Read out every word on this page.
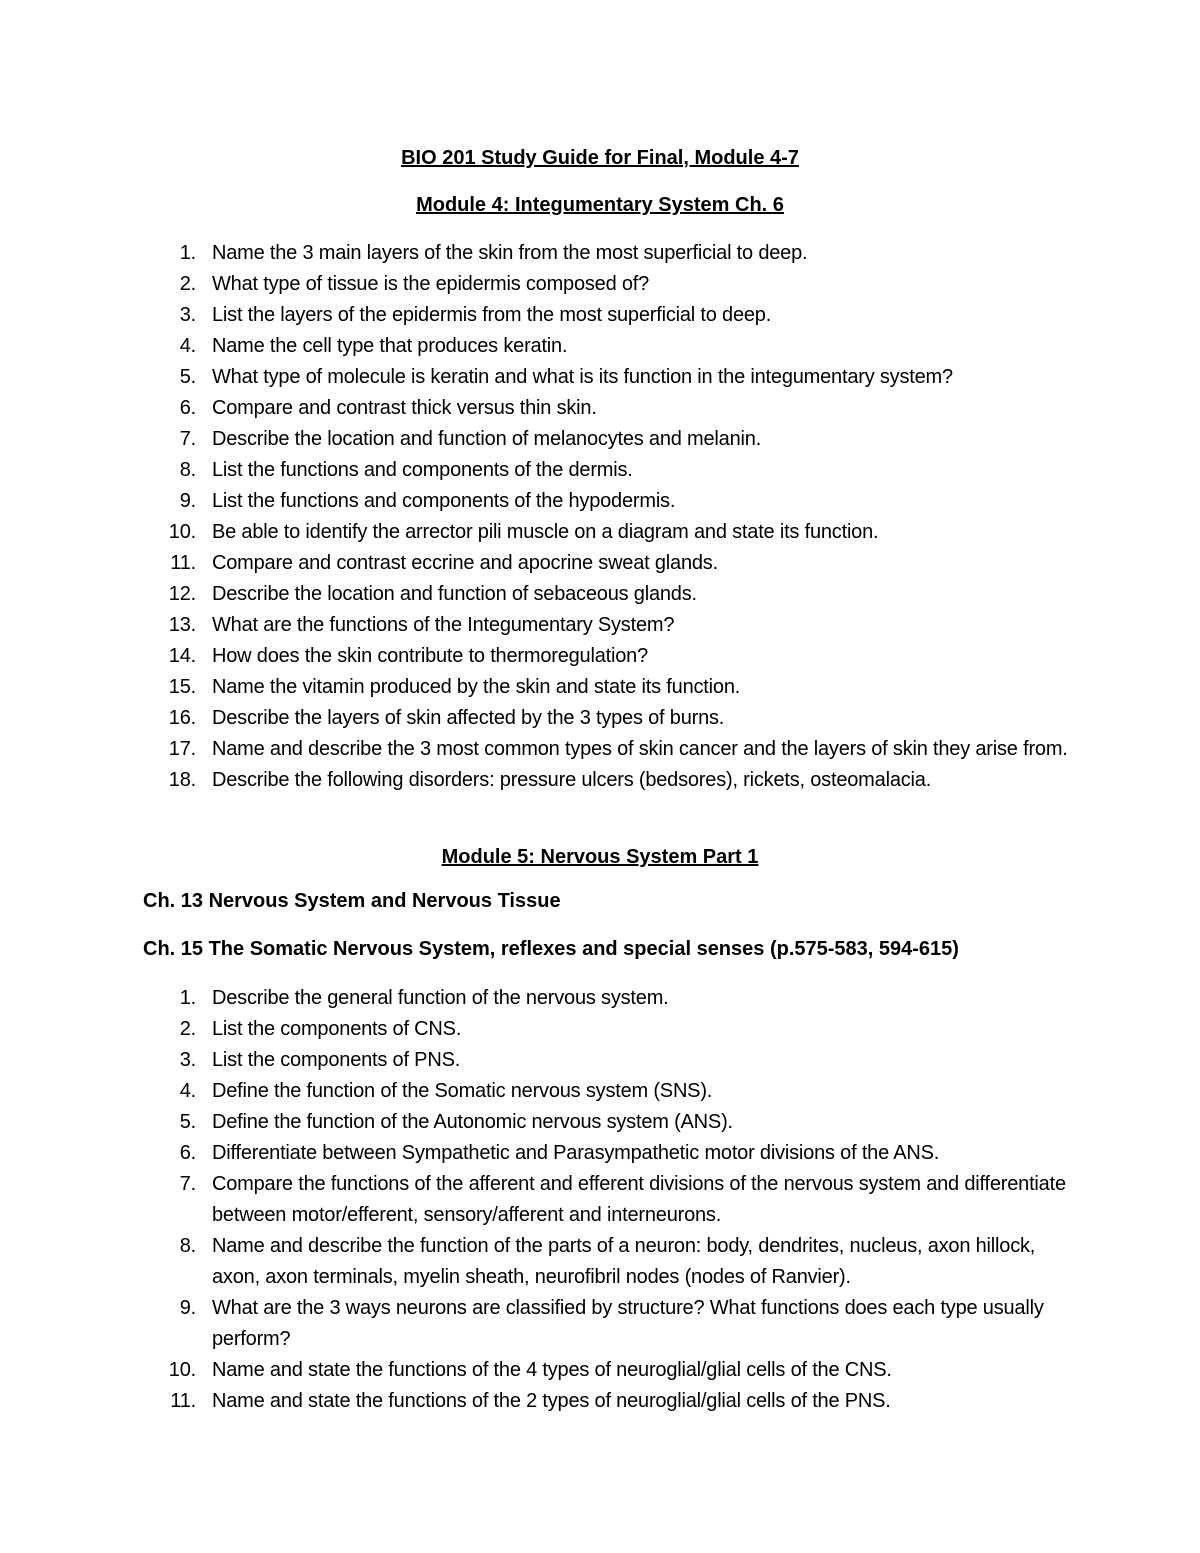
BIO 201 Study Guide for Final, Module 4-7
Module 4: Integumentary System Ch. 6
1. Name the 3 main layers of the skin from the most superficial to deep.
2. What type of tissue is the epidermis composed of?
3. List the layers of the epidermis from the most superficial to deep.
4. Name the cell type that produces keratin.
5. What type of molecule is keratin and what is its function in the integumentary system?
6. Compare and contrast thick versus thin skin.
7. Describe the location and function of melanocytes and melanin.
8. List the functions and components of the dermis.
9. List the functions and components of the hypodermis.
10. Be able to identify the arrector pili muscle on a diagram and state its function.
11. Compare and contrast eccrine and apocrine sweat glands.
12. Describe the location and function of sebaceous glands.
13. What are the functions of the Integumentary System?
14. How does the skin contribute to thermoregulation?
15. Name the vitamin produced by the skin and state its function.
16. Describe the layers of skin affected by the 3 types of burns.
17. Name and describe the 3 most common types of skin cancer and the layers of skin they arise from.
18. Describe the following disorders: pressure ulcers (bedsores), rickets, osteomalacia.
Module 5: Nervous System Part 1

Ch. 13 Nervous System and Nervous Tissue

Ch. 15 The Somatic Nervous System, reflexes and special senses (p.575-583, 594-615)

1. Describe the general function of the nervous system.
2. List the components of CNS.
3. List the components of PNS.
4. Define the function of the Somatic nervous system (SNS).
5. Define the function of the Autonomic nervous system (ANS).
6. Differentiate between Sympathetic and Parasympathetic motor divisions of the ANS.
7. Compare the functions of the afferent and efferent divisions of the nervous system and differentiate between motor/efferent, sensory/afferent and interneurons.
8. Name and describe the function of the parts of a neuron: body, dendrites, nucleus, axon hillock, axon, axon terminals, myelin sheath, neurofibril nodes (nodes of Ranvier).
9. What are the 3 ways neurons are classified by structure? What functions does each type usually perform?
10. Name and state the functions of the 4 types of neuroglial/glial cells of the CNS.
11. Name and state the functions of the 2 types of neuroglial/glial cells of the PNS.
